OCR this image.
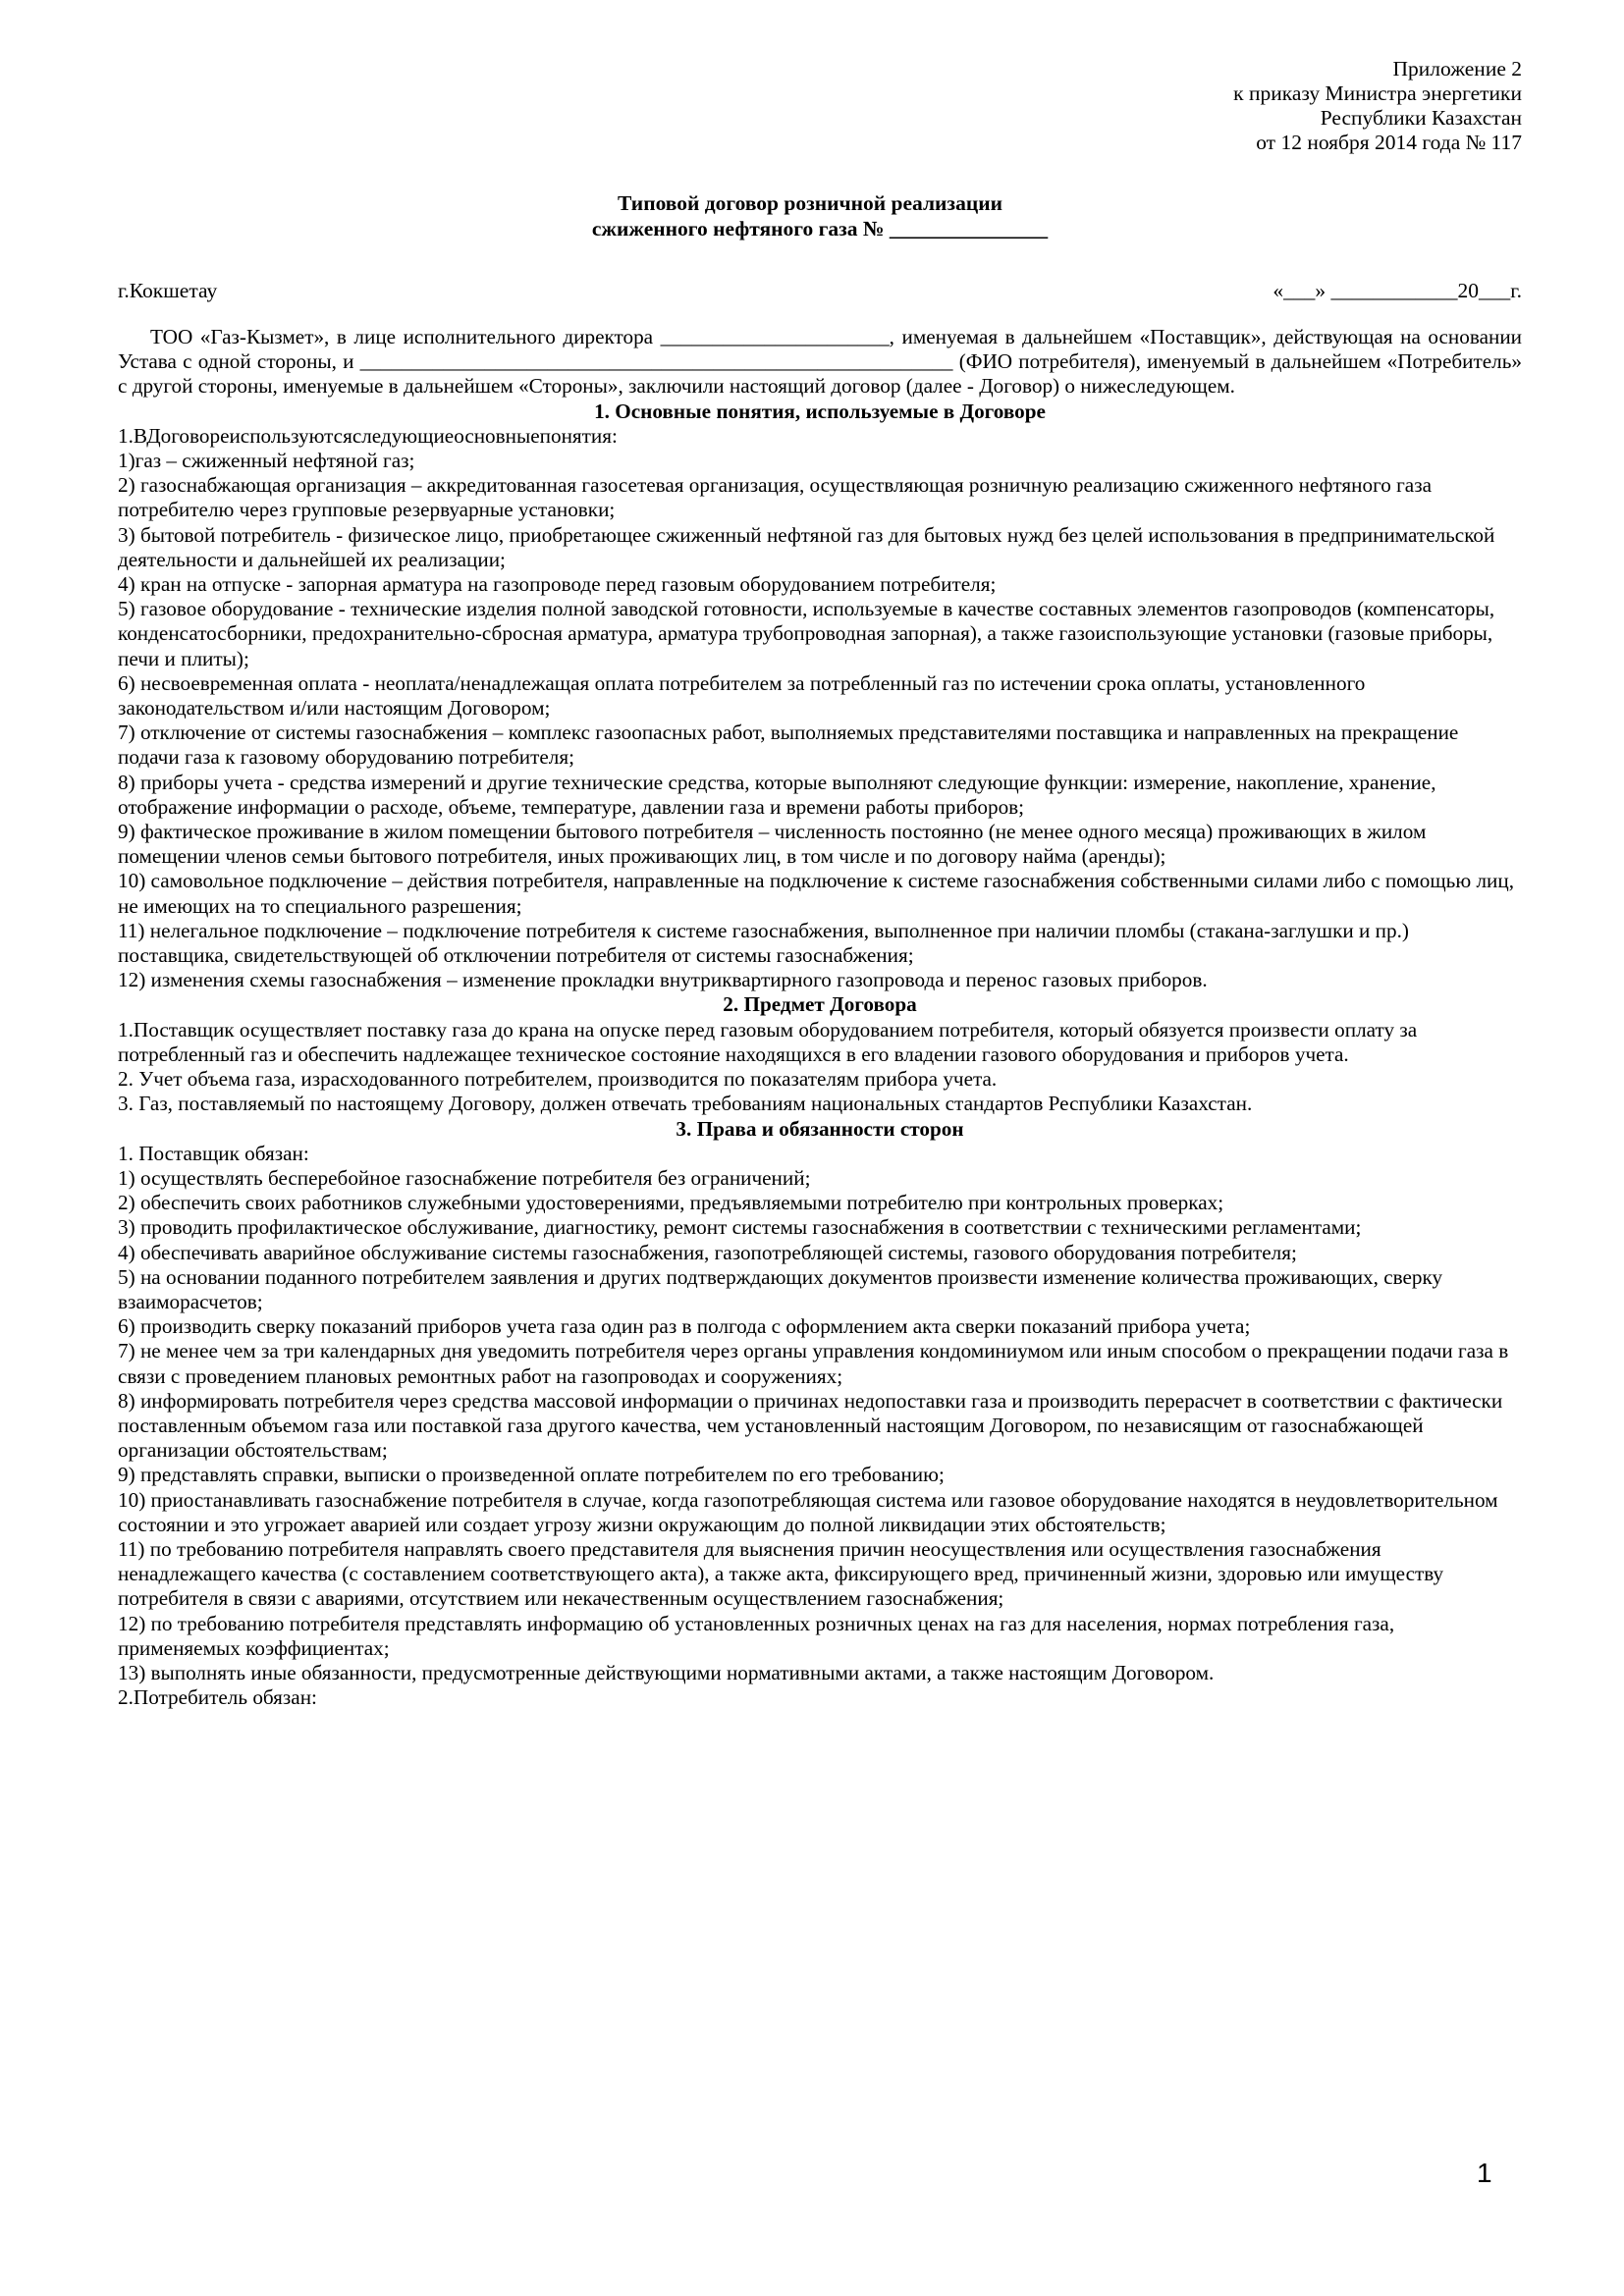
Приложение 2
к приказу Министра энергетики
Республики Казахстан
от 12 ноября 2014 года № 117
Типовой договор розничной реализации
сжиженного нефтяного газа № _______________
г.Кокшетау	«___» ____________20___г.

ТОО «Газ-Кызмет», в лице исполнительного директора ______________________, именуемая в дальнейшем «Поставщик», действующая на основании Устава с одной стороны, и _________________________________________________________ (ФИО потребителя), именуемый в дальнейшем «Потребитель» с другой стороны, именуемые в дальнейшем «Стороны», заключили настоящий договор (далее - Договор) о нижеследующем.

1. Основные понятия, используемые в Договоре

1.ВДоговореиспользуютсяследующиеосновныепонятия:

1)газ – сжиженный нефтяной газ;

2) газоснабжающая организация – аккредитованная газосетевая организация, осуществляющая розничную реализацию сжиженного нефтяного газа потребителю через групповые резервуарные установки;

3) бытовой потребитель - физическое лицо, приобретающее сжиженный нефтяной газ для бытовых нужд без целей использования в предпринимательской деятельности и дальнейшей их реализации;

4) кран на отпуске - запорная арматура на газопроводе перед газовым оборудованием потребителя;

5) газовое оборудование - технические изделия полной заводской готовности, используемые в качестве составных элементов газопроводов (компенсаторы, конденсатосборники, предохранительно-сбросная арматура, арматура трубопроводная запорная), а также газоиспользующие установки (газовые приборы, печи и плиты);

6) несвоевременная оплата - неоплата/ненадлежащая оплата потребителем за потребленный газ по истечении срока оплаты, установленного законодательством и/или настоящим Договором;

7) отключение от системы газоснабжения – комплекс газоопасных работ, выполняемых представителями поставщика и направленных на прекращение подачи газа к газовому оборудованию потребителя;

8) приборы учета - средства измерений и другие технические средства, которые выполняют следующие функции: измерение, накопление, хранение, отображение информации о расходе, объеме, температуре, давлении газа и времени работы приборов;

9) фактическое проживание в жилом помещении бытового потребителя – численность постоянно (не менее одного месяца) проживающих в жилом помещении членов семьи бытового потребителя, иных проживающих лиц, в том числе и по договору найма (аренды);

10) самовольное подключение – действия потребителя, направленные на подключение к системе газоснабжения собственными силами либо с помощью лиц, не имеющих на то специального разрешения;

11) нелегальное подключение – подключение потребителя к системе газоснабжения, выполненное при наличии пломбы (стакана-заглушки и пр.) поставщика, свидетельствующей об отключении потребителя от системы газоснабжения;

12) изменения схемы газоснабжения – изменение прокладки внутриквартирного газопровода и перенос газовых приборов.

2. Предмет Договора

1.Поставщик осуществляет поставку газа до крана на опуске перед газовым оборудованием потребителя, который обязуется произвести оплату за потребленный газ и обеспечить надлежащее техническое состояние находящихся в его владении газового оборудования и приборов учета.

2. Учет объема газа, израсходованного потребителем, производится по показателям прибора учета.

3. Газ, поставляемый по настоящему Договору, должен отвечать требованиям национальных стандартов Республики Казахстан.

3. Права и обязанности сторон

1. Поставщик обязан:

1) осуществлять бесперебойное газоснабжение потребителя без ограничений;

2) обеспечить своих работников служебными удостоверениями, предъявляемыми потребителю при контрольных проверках;

3) проводить профилактическое обслуживание, диагностику, ремонт системы газоснабжения в соответствии с техническими регламентами;

4) обеспечивать аварийное обслуживание системы газоснабжения, газопотребляющей системы, газового оборудования потребителя;

5) на основании поданного потребителем заявления и других подтверждающих документов произвести изменение количества проживающих, сверку взаиморасчетов;

6) производить сверку показаний приборов учета газа один раз в полгода с оформлением акта сверки показаний прибора учета;

7) не менее чем за три календарных дня уведомить потребителя через органы управления кондоминиумом или иным способом о прекращении подачи газа в связи с проведением плановых ремонтных работ на газопроводах и сооружениях;

8) информировать потребителя через средства массовой информации о причинах недопоставки газа и производить перерасчет в соответствии с фактически поставленным объемом газа или поставкой газа другого качества, чем установленный настоящим Договором, по независящим от газоснабжающей организации обстоятельствам;

9) представлять справки, выписки о произведенной оплате потребителем по его требованию;

10) приостанавливать газоснабжение потребителя в случае, когда газопотребляющая система или газовое оборудование находятся в неудовлетворительном состоянии и это угрожает аварией или создает угрозу жизни окружающим до полной ликвидации этих обстоятельств;

11) по требованию потребителя направлять своего представителя для выяснения причин неосуществления или осуществления газоснабжения ненадлежащего качества (с составлением соответствующего акта), а также акта, фиксирующего вред, причиненный жизни, здоровью или имуществу потребителя в связи с авариями, отсутствием или некачественным осуществлением газоснабжения;

12) по требованию потребителя представлять информацию об установленных розничных ценах на газ для населения, нормах потребления газа, применяемых коэффициентах;

13) выполнять иные обязанности, предусмотренные действующими нормативными актами, а также настоящим Договором.

2.Потребитель обязан:

1
